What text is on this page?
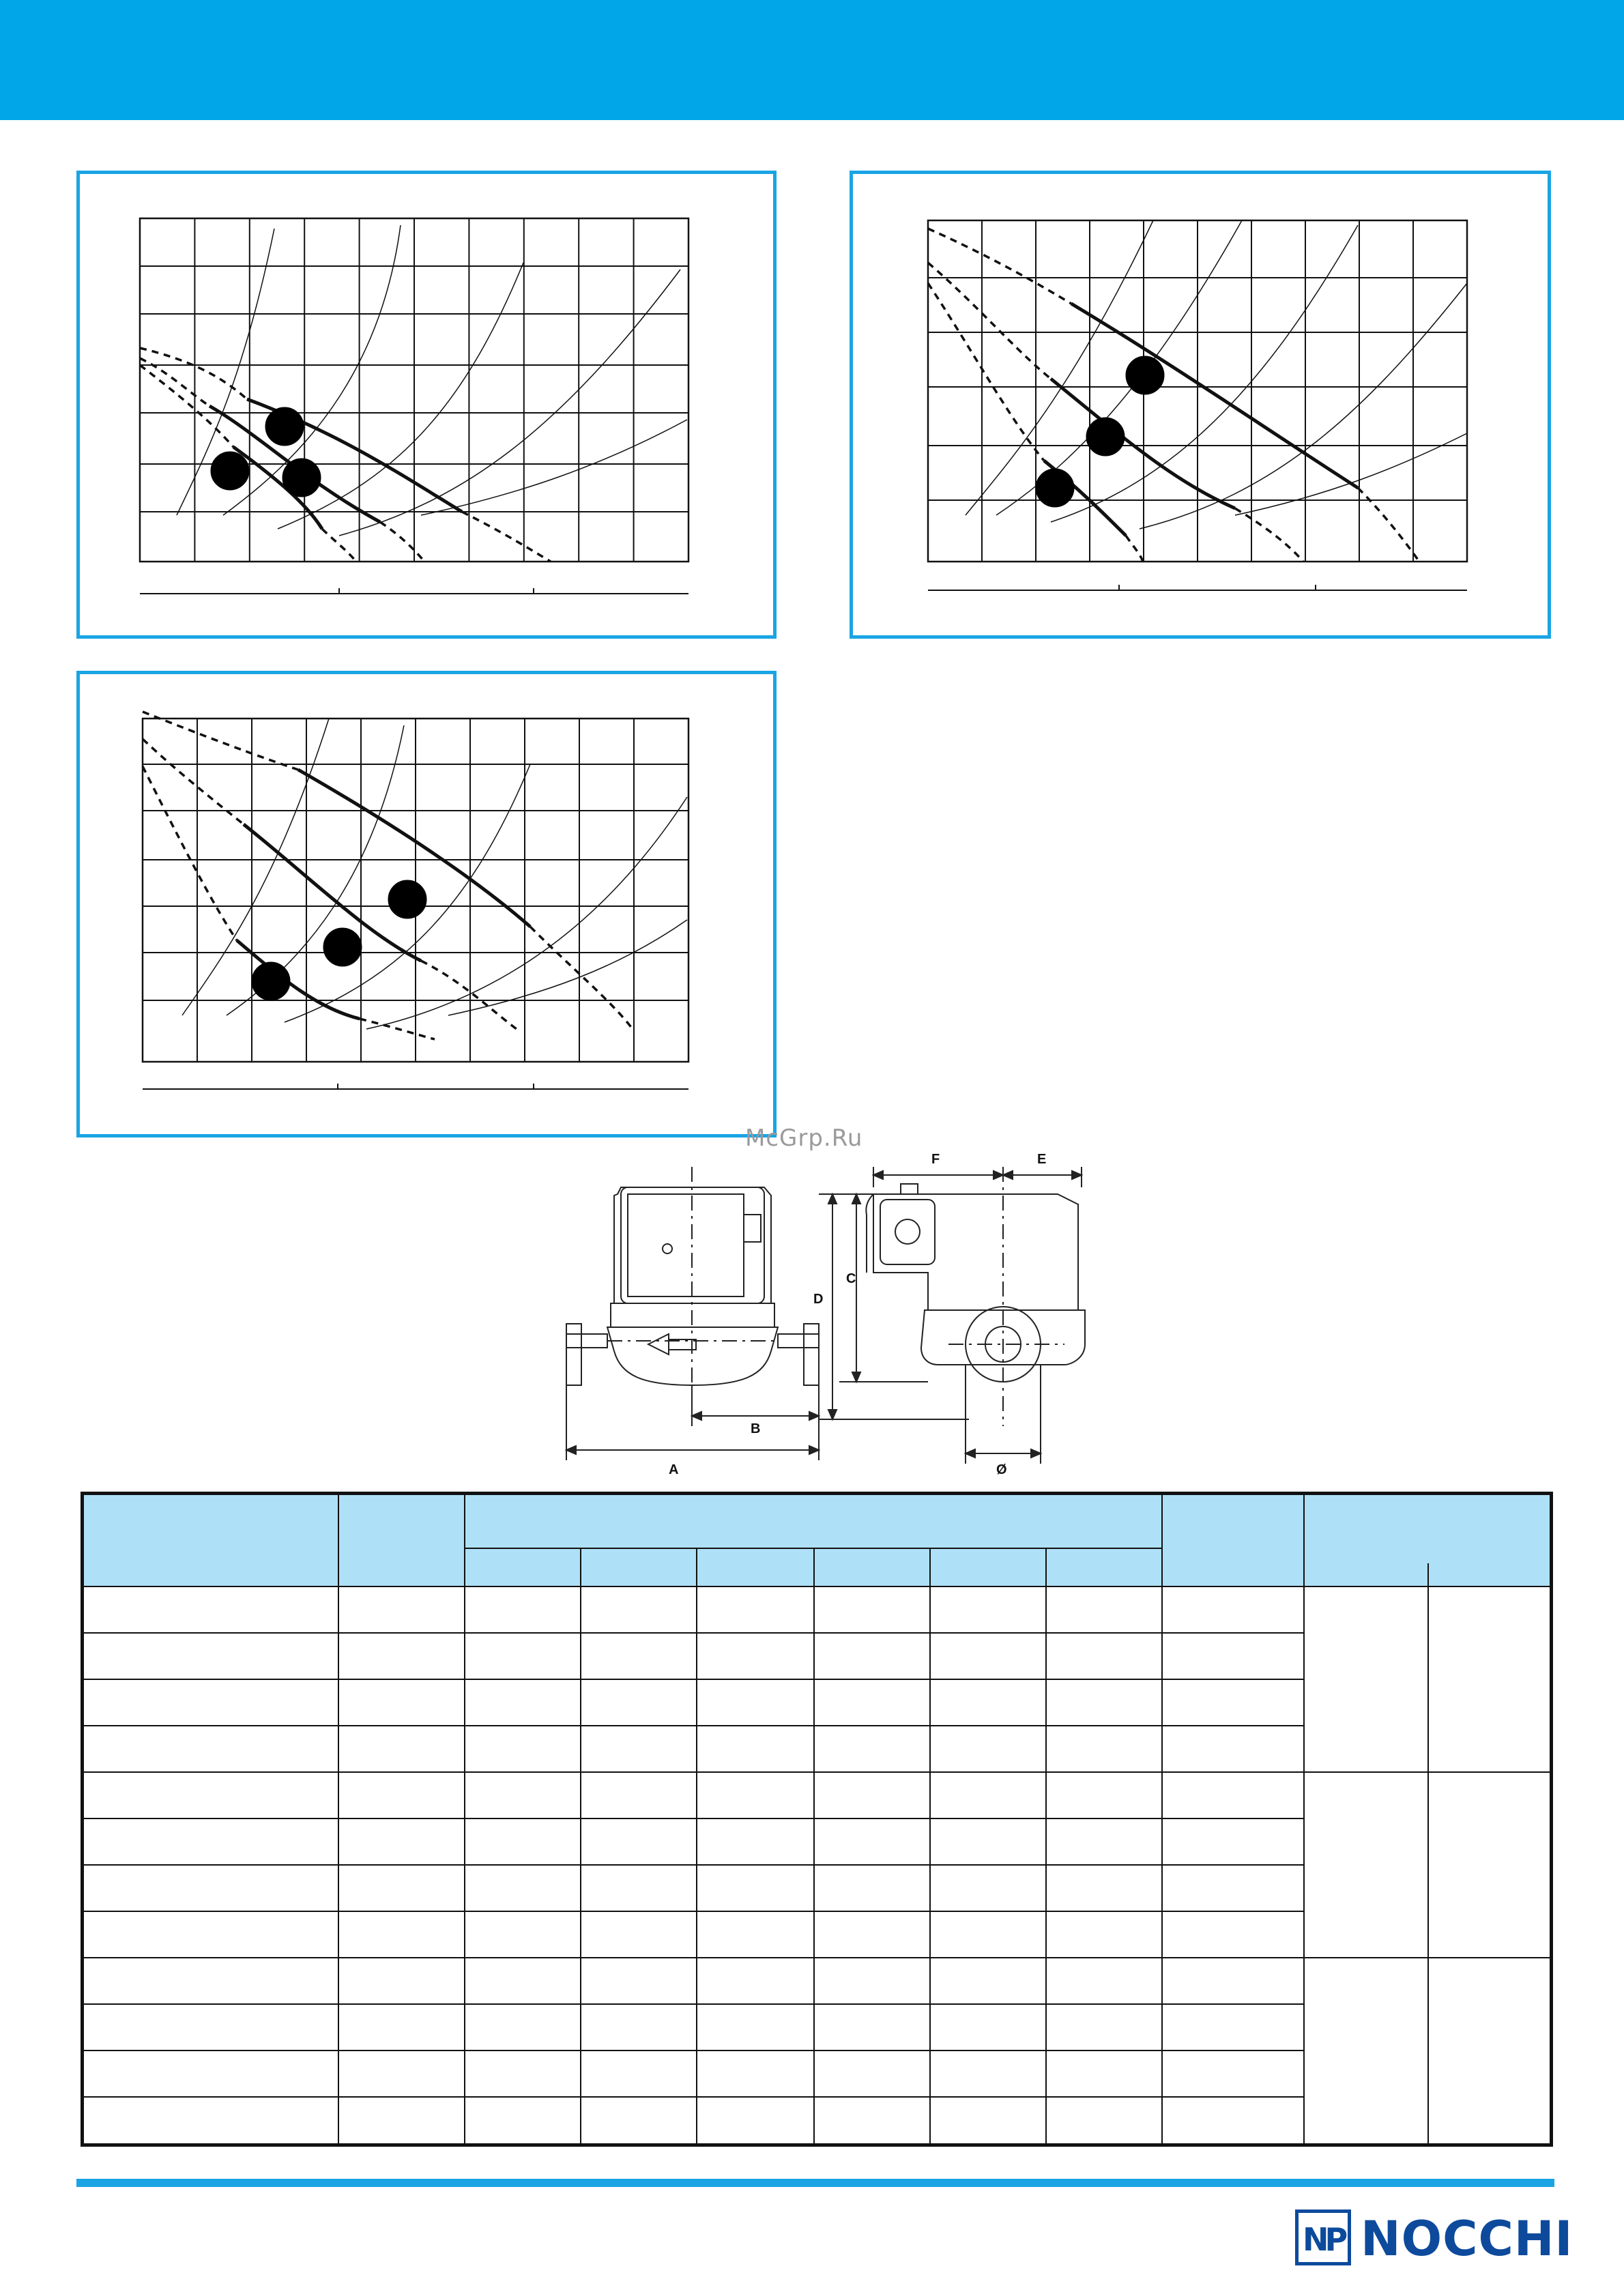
McGrp.Ru
A
B
C
D
E
F
Ø
NP NOCCHI
